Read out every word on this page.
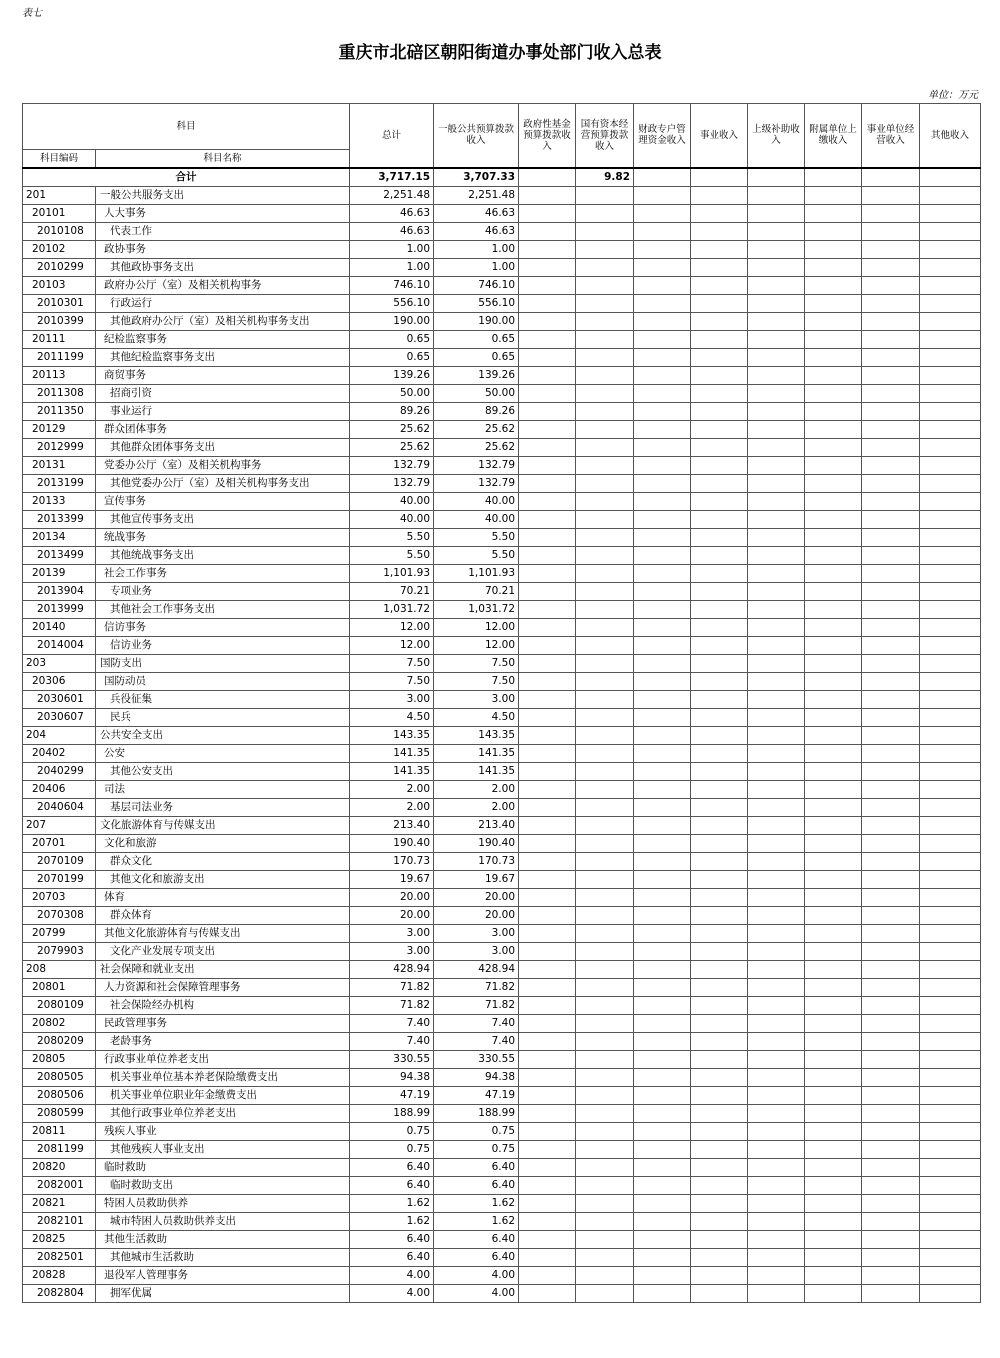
表七
重庆市北碚区朝阳街道办事处部门收入总表
单位：万元
科目		总计	一般公共预算拨款收入	政府性基金预算拨款收入	国有资本经营预算拨款收入	财政专户管理资金收入	事业收入	上级补助收入	附属单位上缴收入	事业单位经营收入	其他收入
科目编码	科目名称										
合计		3,717.15	3,707.33		9.82						
201	一般公共服务支出	2,251.48	2,251.48								
20101	人大事务	46.63	46.63								
2010108	代表工作	46.63	46.63								
20102	政协事务	1.00	1.00								
2010299	其他政协事务支出	1.00	1.00								
20103	政府办公厅（室）及相关机构事务	746.10	746.10								
2010301	行政运行	556.10	556.10								
2010399	其他政府办公厅（室）及相关机构事务支出	190.00	190.00								
20111	纪检监察事务	0.65	0.65								
2011199	其他纪检监察事务支出	0.65	0.65								
20113	商贸事务	139.26	139.26								
2011308	招商引资	50.00	50.00								
2011350	事业运行	89.26	89.26								
20129	群众团体事务	25.62	25.62								
2012999	其他群众团体事务支出	25.62	25.62								
20131	党委办公厅（室）及相关机构事务	132.79	132.79								
2013199	其他党委办公厅（室）及相关机构事务支出	132.79	132.79								
20133	宣传事务	40.00	40.00								
2013399	其他宣传事务支出	40.00	40.00								
20134	统战事务	5.50	5.50								
2013499	其他统战事务支出	5.50	5.50								
20139	社会工作事务	1,101.93	1,101.93								
2013904	专项业务	70.21	70.21								
2013999	其他社会工作事务支出	1,031.72	1,031.72								
20140	信访事务	12.00	12.00								
2014004	信访业务	12.00	12.00								
203	国防支出	7.50	7.50								
20306	国防动员	7.50	7.50								
2030601	兵役征集	3.00	3.00								
2030607	民兵	4.50	4.50								
204	公共安全支出	143.35	143.35								
20402	公安	141.35	141.35								
2040299	其他公安支出	141.35	141.35								
20406	司法	2.00	2.00								
2040604	基层司法业务	2.00	2.00								
207	文化旅游体育与传媒支出	213.40	213.40								
20701	文化和旅游	190.40	190.40								
2070109	群众文化	170.73	170.73								
2070199	其他文化和旅游支出	19.67	19.67								
20703	体育	20.00	20.00								
2070308	群众体育	20.00	20.00								
20799	其他文化旅游体育与传媒支出	3.00	3.00								
2079903	文化产业发展专项支出	3.00	3.00								
208	社会保障和就业支出	428.94	428.94								
20801	人力资源和社会保障管理事务	71.82	71.82								
2080109	社会保险经办机构	71.82	71.82								
20802	民政管理事务	7.40	7.40								
2080209	老龄事务	7.40	7.40								
20805	行政事业单位养老支出	330.55	330.55								
2080505	机关事业单位基本养老保险缴费支出	94.38	94.38								
2080506	机关事业单位职业年金缴费支出	47.19	47.19								
2080599	其他行政事业单位养老支出	188.99	188.99								
20811	残疾人事业	0.75	0.75								
2081199	其他残疾人事业支出	0.75	0.75								
20820	临时救助	6.40	6.40								
2082001	临时救助支出	6.40	6.40								
20821	特困人员救助供养	1.62	1.62								
2082101	城市特困人员救助供养支出	1.62	1.62								
20825	其他生活救助	6.40	6.40								
2082501	其他城市生活救助	6.40	6.40								
20828	退役军人管理事务	4.00	4.00								
2082804	拥军优属	4.00	4.00								
